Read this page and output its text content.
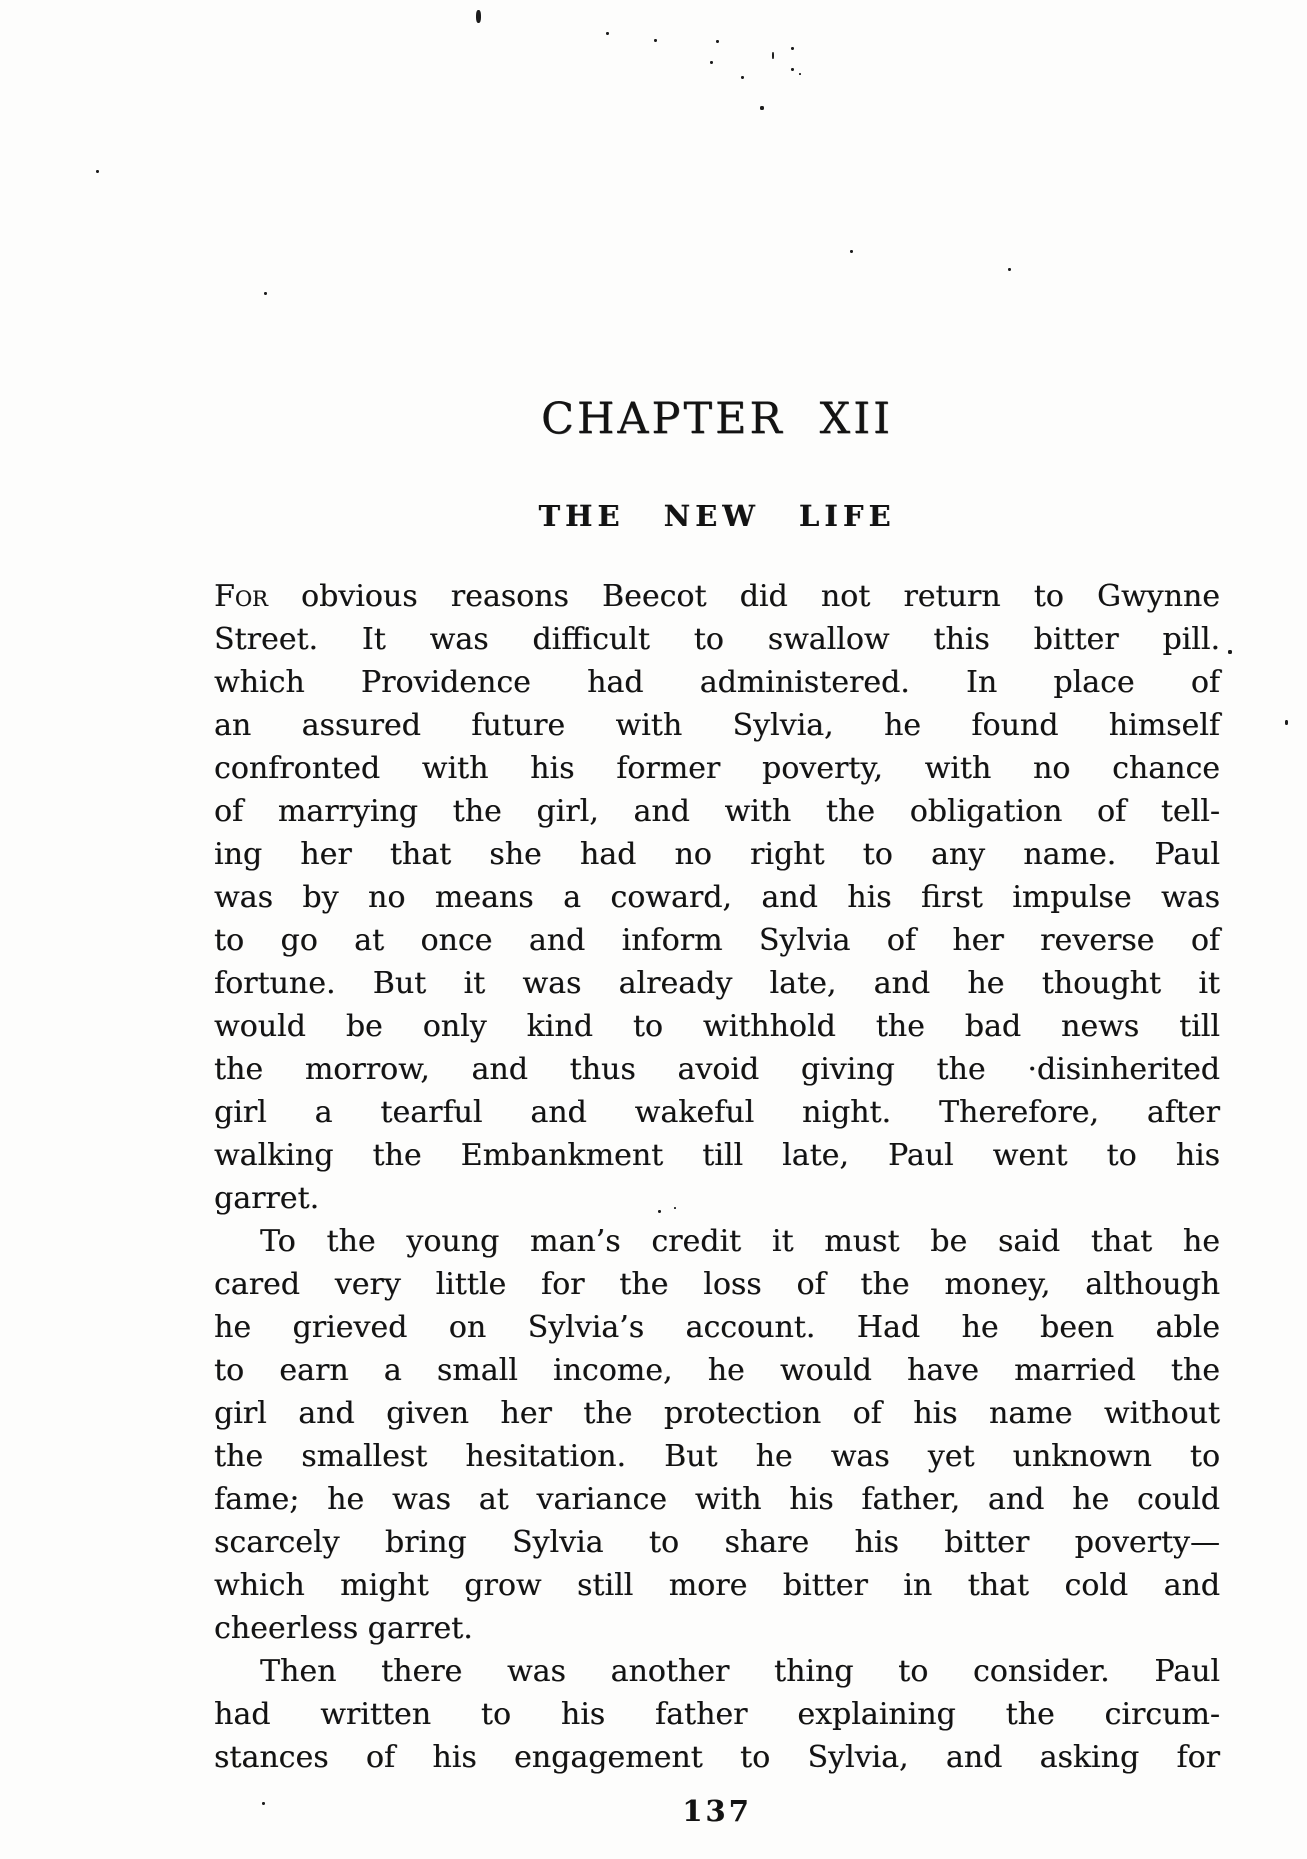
CHAPTER XII
THE NEW LIFE
For obvious reasons Beecot did not return to Gwynne
Street. It was difficult to swallow this bitter pill.
which Providence had administered. In place of
an assured future with Sylvia, he found himself
confronted with his former poverty, with no chance
of marrying the girl, and with the obligation of tell-
ing her that she had no right to any name. Paul
was by no means a coward, and his first impulse was
to go at once and inform Sylvia of her reverse of
fortune. But it was already late, and he thought it
would be only kind to withhold the bad news till
the morrow, and thus avoid giving the ·disinherited
girl a tearful and wakeful night. Therefore, after
walking the Embankment till late, Paul went to his
garret.
To the young man’s credit it must be said that he
cared very little for the loss of the money, although
he grieved on Sylvia’s account. Had he been able
to earn a small income, he would have married the
girl and given her the protection of his name without
the smallest hesitation. But he was yet unknown to
fame; he was at variance with his father, and he could
scarcely bring Sylvia to share his bitter poverty—
which might grow still more bitter in that cold and
cheerless garret.
Then there was another thing to consider. Paul
had written to his father explaining the circum-
stances of his engagement to Sylvia, and asking for
137
